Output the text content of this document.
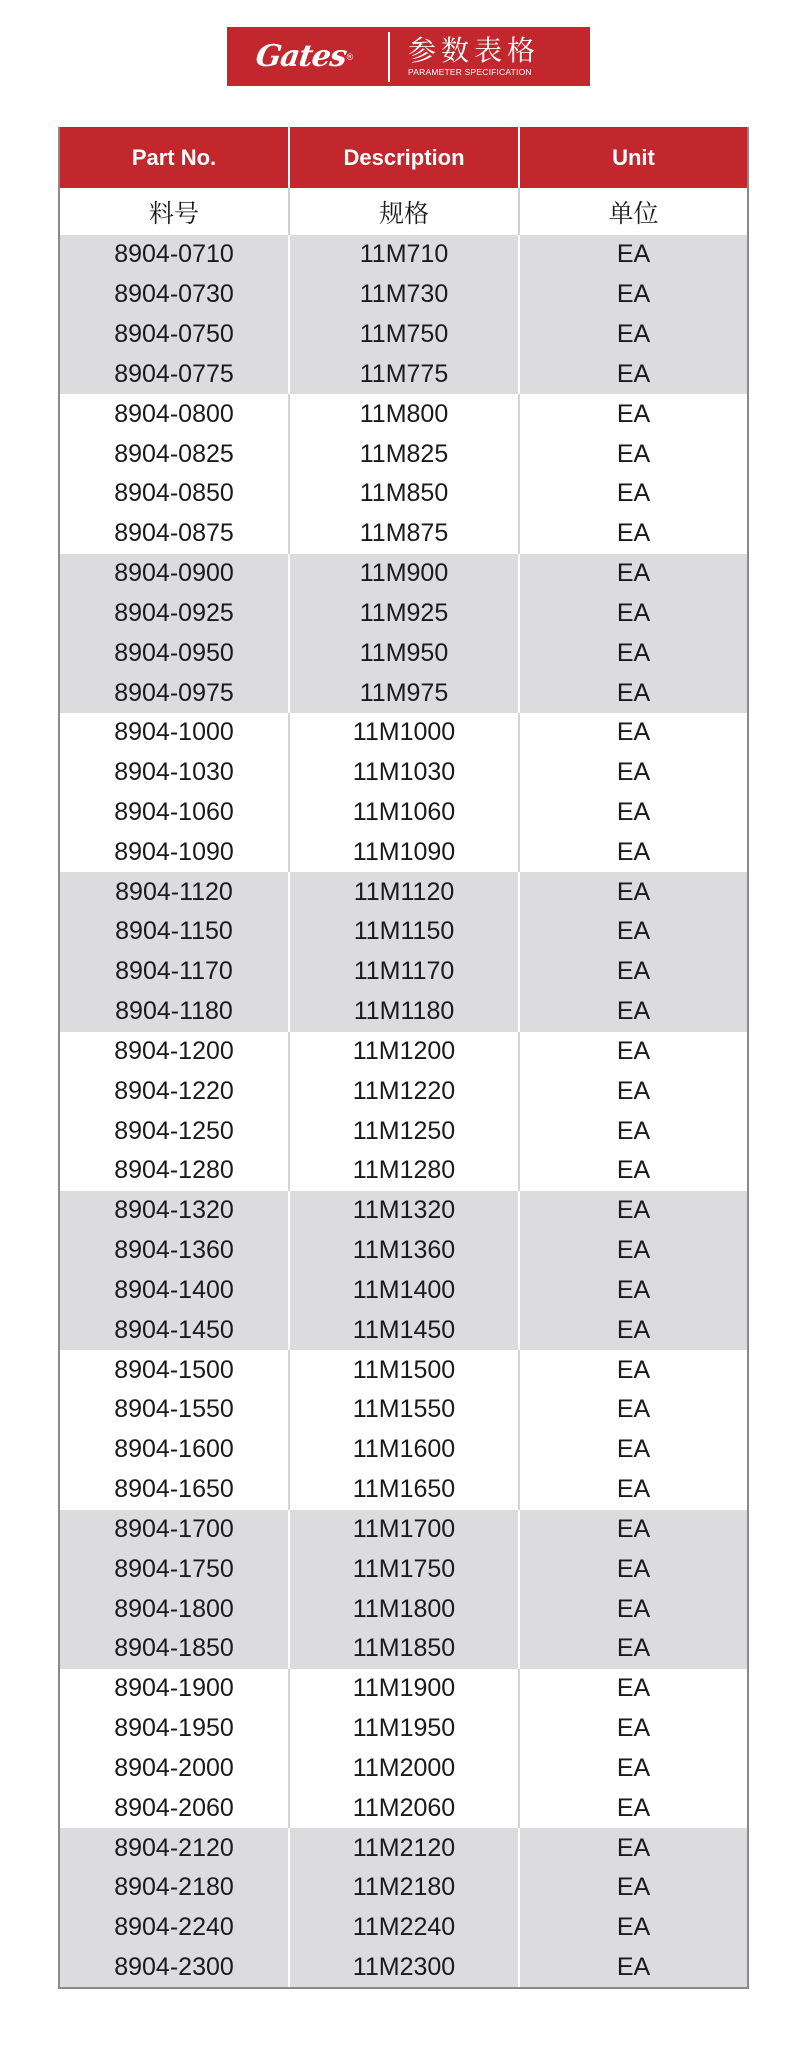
Gates
® 参数表格
PARAMETER SPECIFICATION
Part No.	Description	Unit
料号	规格	单位
8904-0710	11M710	EA
8904-0730	11M730	EA
8904-0750	11M750	EA
8904-0775	11M775	EA
8904-0800	11M800	EA
8904-0825	11M825	EA
8904-0850	11M850	EA
8904-0875	11M875	EA
8904-0900	11M900	EA
8904-0925	11M925	EA
8904-0950	11M950	EA
8904-0975	11M975	EA
8904-1000	11M1000	EA
8904-1030	11M1030	EA
8904-1060	11M1060	EA
8904-1090	11M1090	EA
8904-1120	11M1120	EA
8904-1150	11M1150	EA
8904-1170	11M1170	EA
8904-1180	11M1180	EA
8904-1200	11M1200	EA
8904-1220	11M1220	EA
8904-1250	11M1250	EA
8904-1280	11M1280	EA
8904-1320	11M1320	EA
8904-1360	11M1360	EA
8904-1400	11M1400	EA
8904-1450	11M1450	EA
8904-1500	11M1500	EA
8904-1550	11M1550	EA
8904-1600	11M1600	EA
8904-1650	11M1650	EA
8904-1700	11M1700	EA
8904-1750	11M1750	EA
8904-1800	11M1800	EA
8904-1850	11M1850	EA
8904-1900	11M1900	EA
8904-1950	11M1950	EA
8904-2000	11M2000	EA
8904-2060	11M2060	EA
8904-2120	11M2120	EA
8904-2180	11M2180	EA
8904-2240	11M2240	EA
8904-2300	11M2300	EA
